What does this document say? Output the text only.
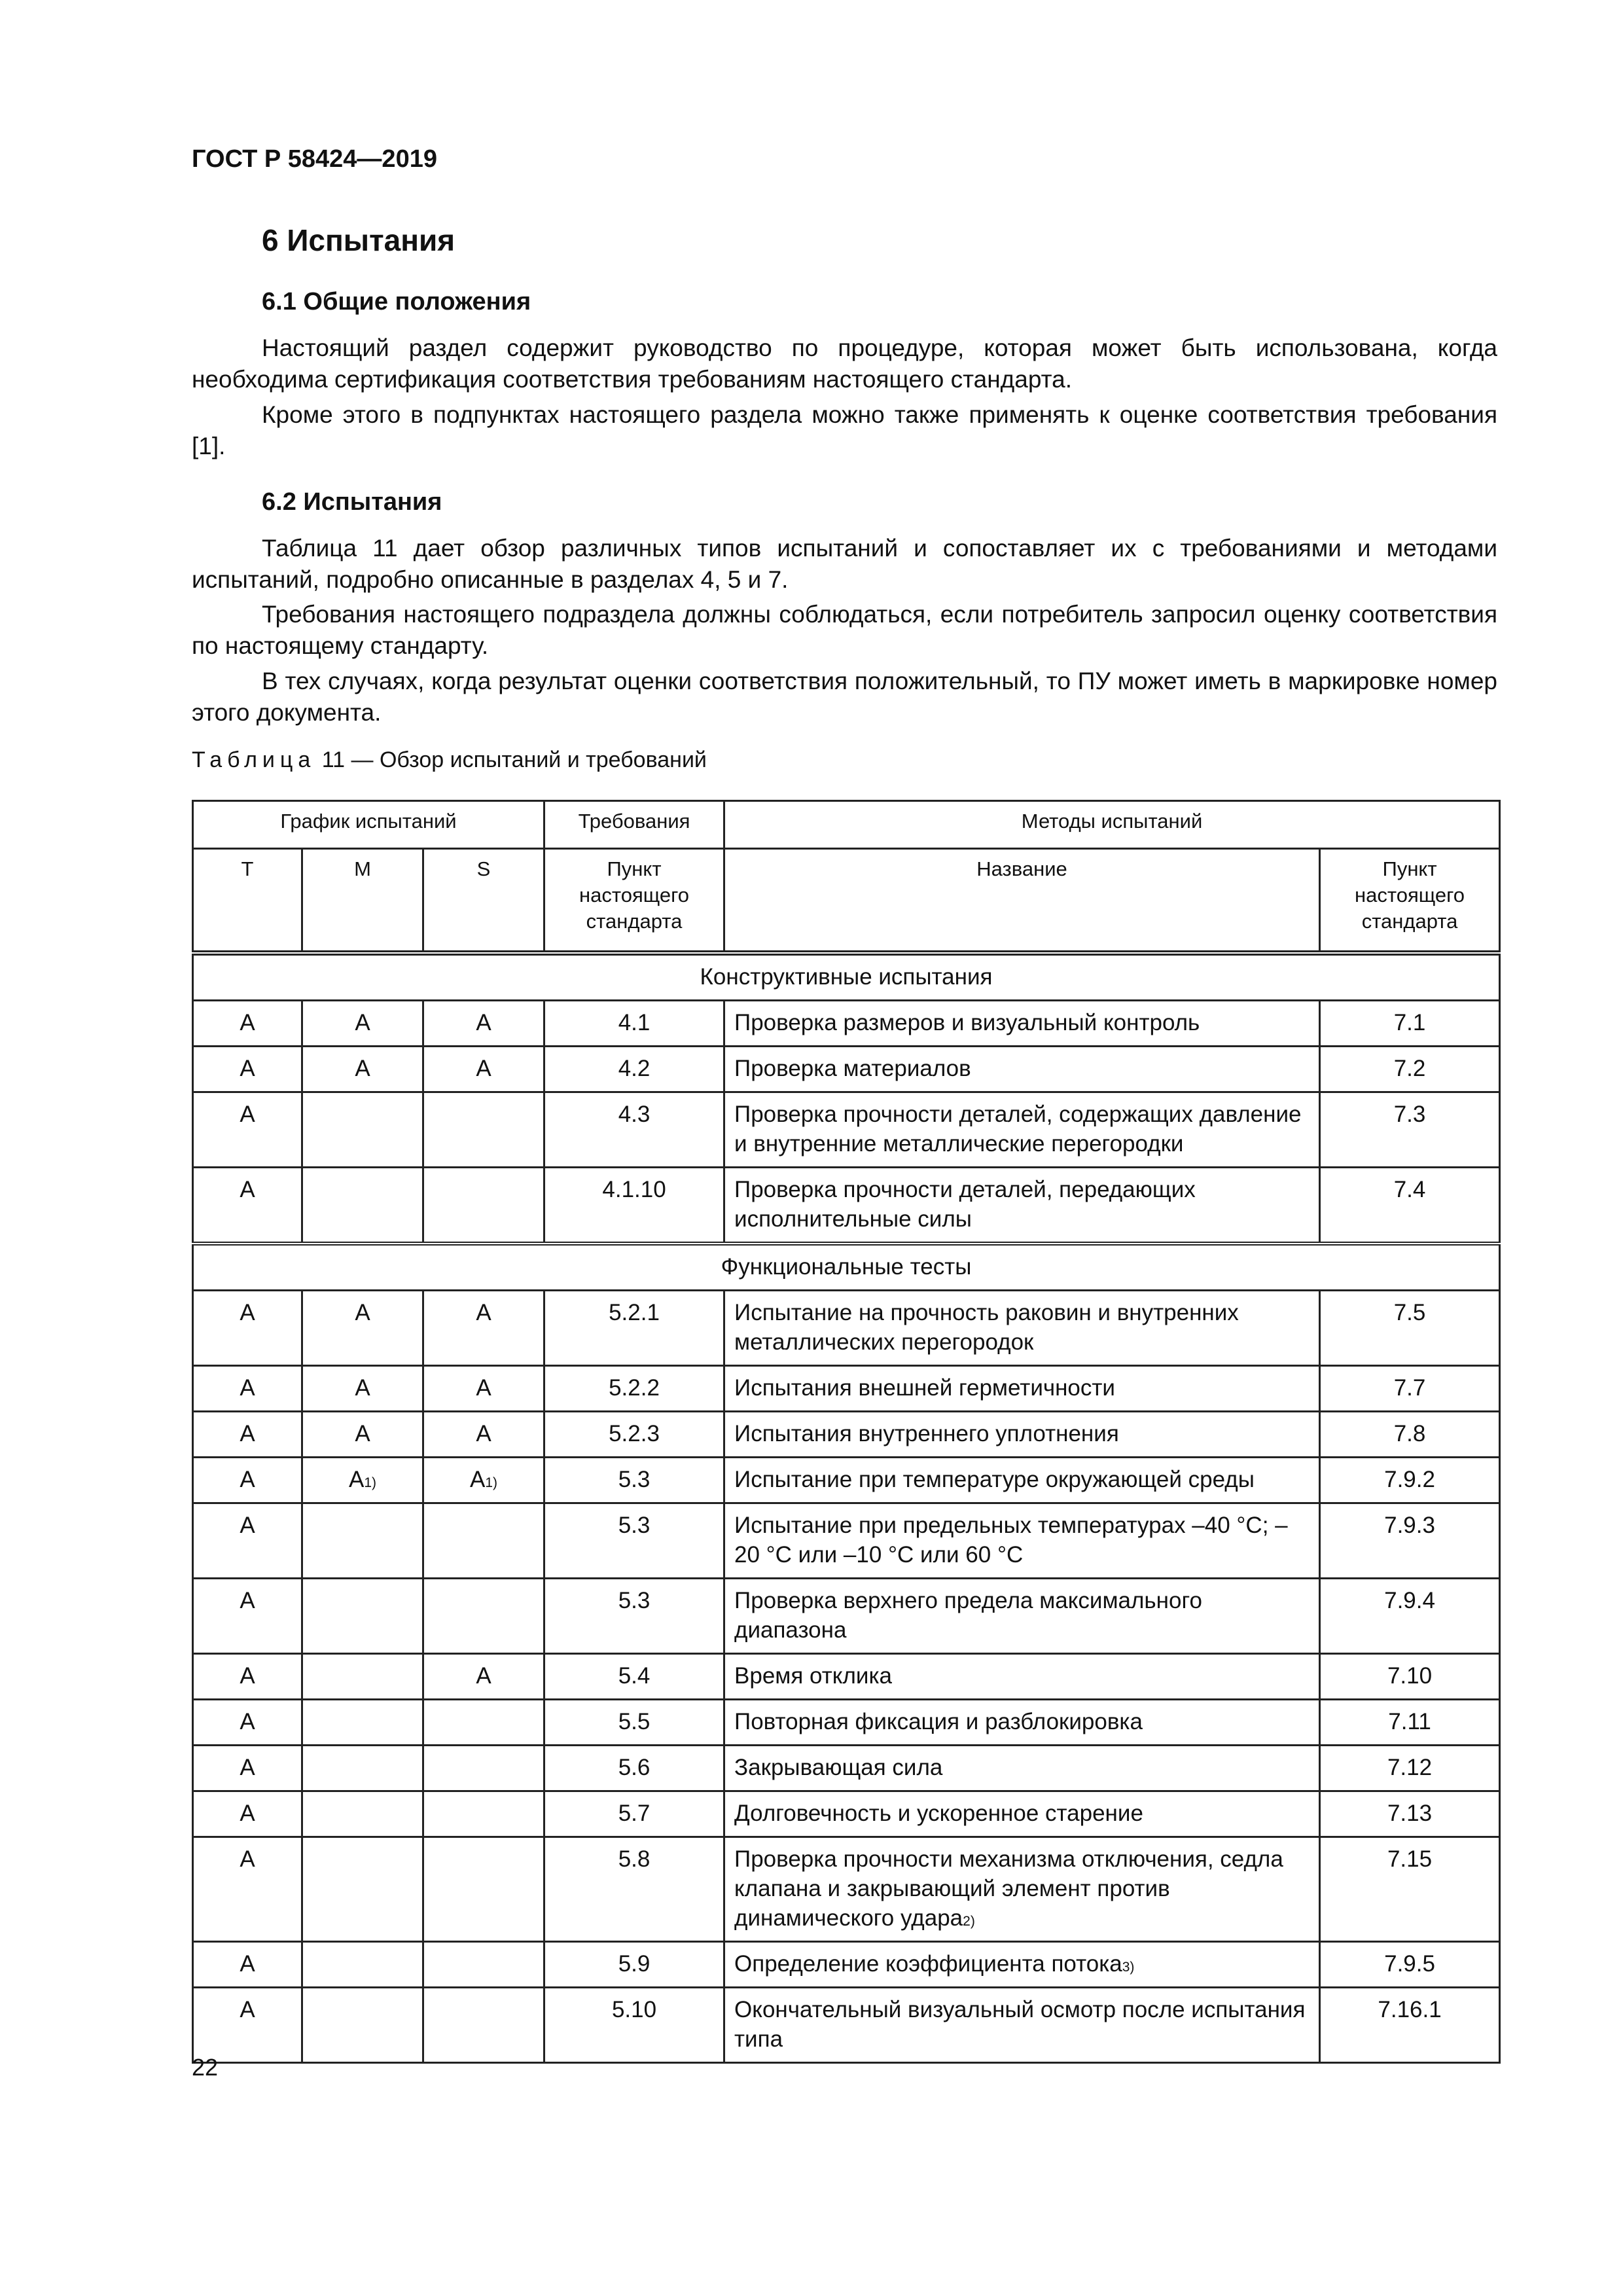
ГОСТ Р 58424—2019

6 Испытания
6.1 Общие положения

Настоящий раздел содержит руководство по процедуре, которая может быть использована, когда необходима сертификация соответствия требованиям настоящего стандарта.

Кроме этого в подпунктах настоящего раздела можно также применять к оценке соответствия требования [1].

6.2 Испытания

Таблица 11 дает обзор различных типов испытаний и сопоставляет их с требованиями и методами испытаний, подробно описанные в разделах 4, 5 и 7.

Требования настоящего подраздела должны соблюдаться, если потребитель запросил оценку соответствия по настоящему стандарту.

В тех случаях, когда результат оценки соответствия положительный, то ПУ может иметь в маркировке номер этого документа.

Таблица 11 — Обзор испытаний и требований

График испытаний			Требования	Методы испытаний	
T	M	S	Пункт настоящего стандарта	Название	Пункт настоящего стандарта
Конструктивные испытания					
A	A	A	4.1	Проверка размеров и визуальный контроль	7.1
A	A	A	4.2	Проверка материалов	7.2
A			4.3	Проверка прочности деталей, содержащих давление и внутренние металлические перегородки	7.3
A			4.1.10	Проверка прочности деталей, передающих исполнительные силы	7.4
Функциональные тесты					
A	A	A	5.2.1	Испытание на прочность раковин и внутренних металлических перегородок	7.5
A	A	A	5.2.2	Испытания внешней герметичности	7.7
A	A	A	5.2.3	Испытания внутреннего уплотнения	7.8
A	$A^{1)}$	$A^{1)}$	5.3	Испытание при температуре окружающей среды	7.9.2
A			5.3	Испытание при предельных температурах –40 °C; –20 °C или –10 °C или 60 °C	7.9.3
A			5.3	Проверка верхнего предела максимального диапазона	7.9.4
A		A	5.4	Время отклика	7.10
A			5.5	Повторная фиксация и разблокировка	7.11
A			5.6	Закрывающая сила	7.12
A			5.7	Долговечность и ускоренное старение	7.13
A			5.8	Проверка прочности механизма отключения, седла клапана и закрывающий элемент против динамического удара$^{2)}$	7.15
A			5.9	Определение коэффициента потока$^{3)}$	7.9.5
A			5.10	Окончательный визуальный осмотр после испытания типа	7.16.1

22
